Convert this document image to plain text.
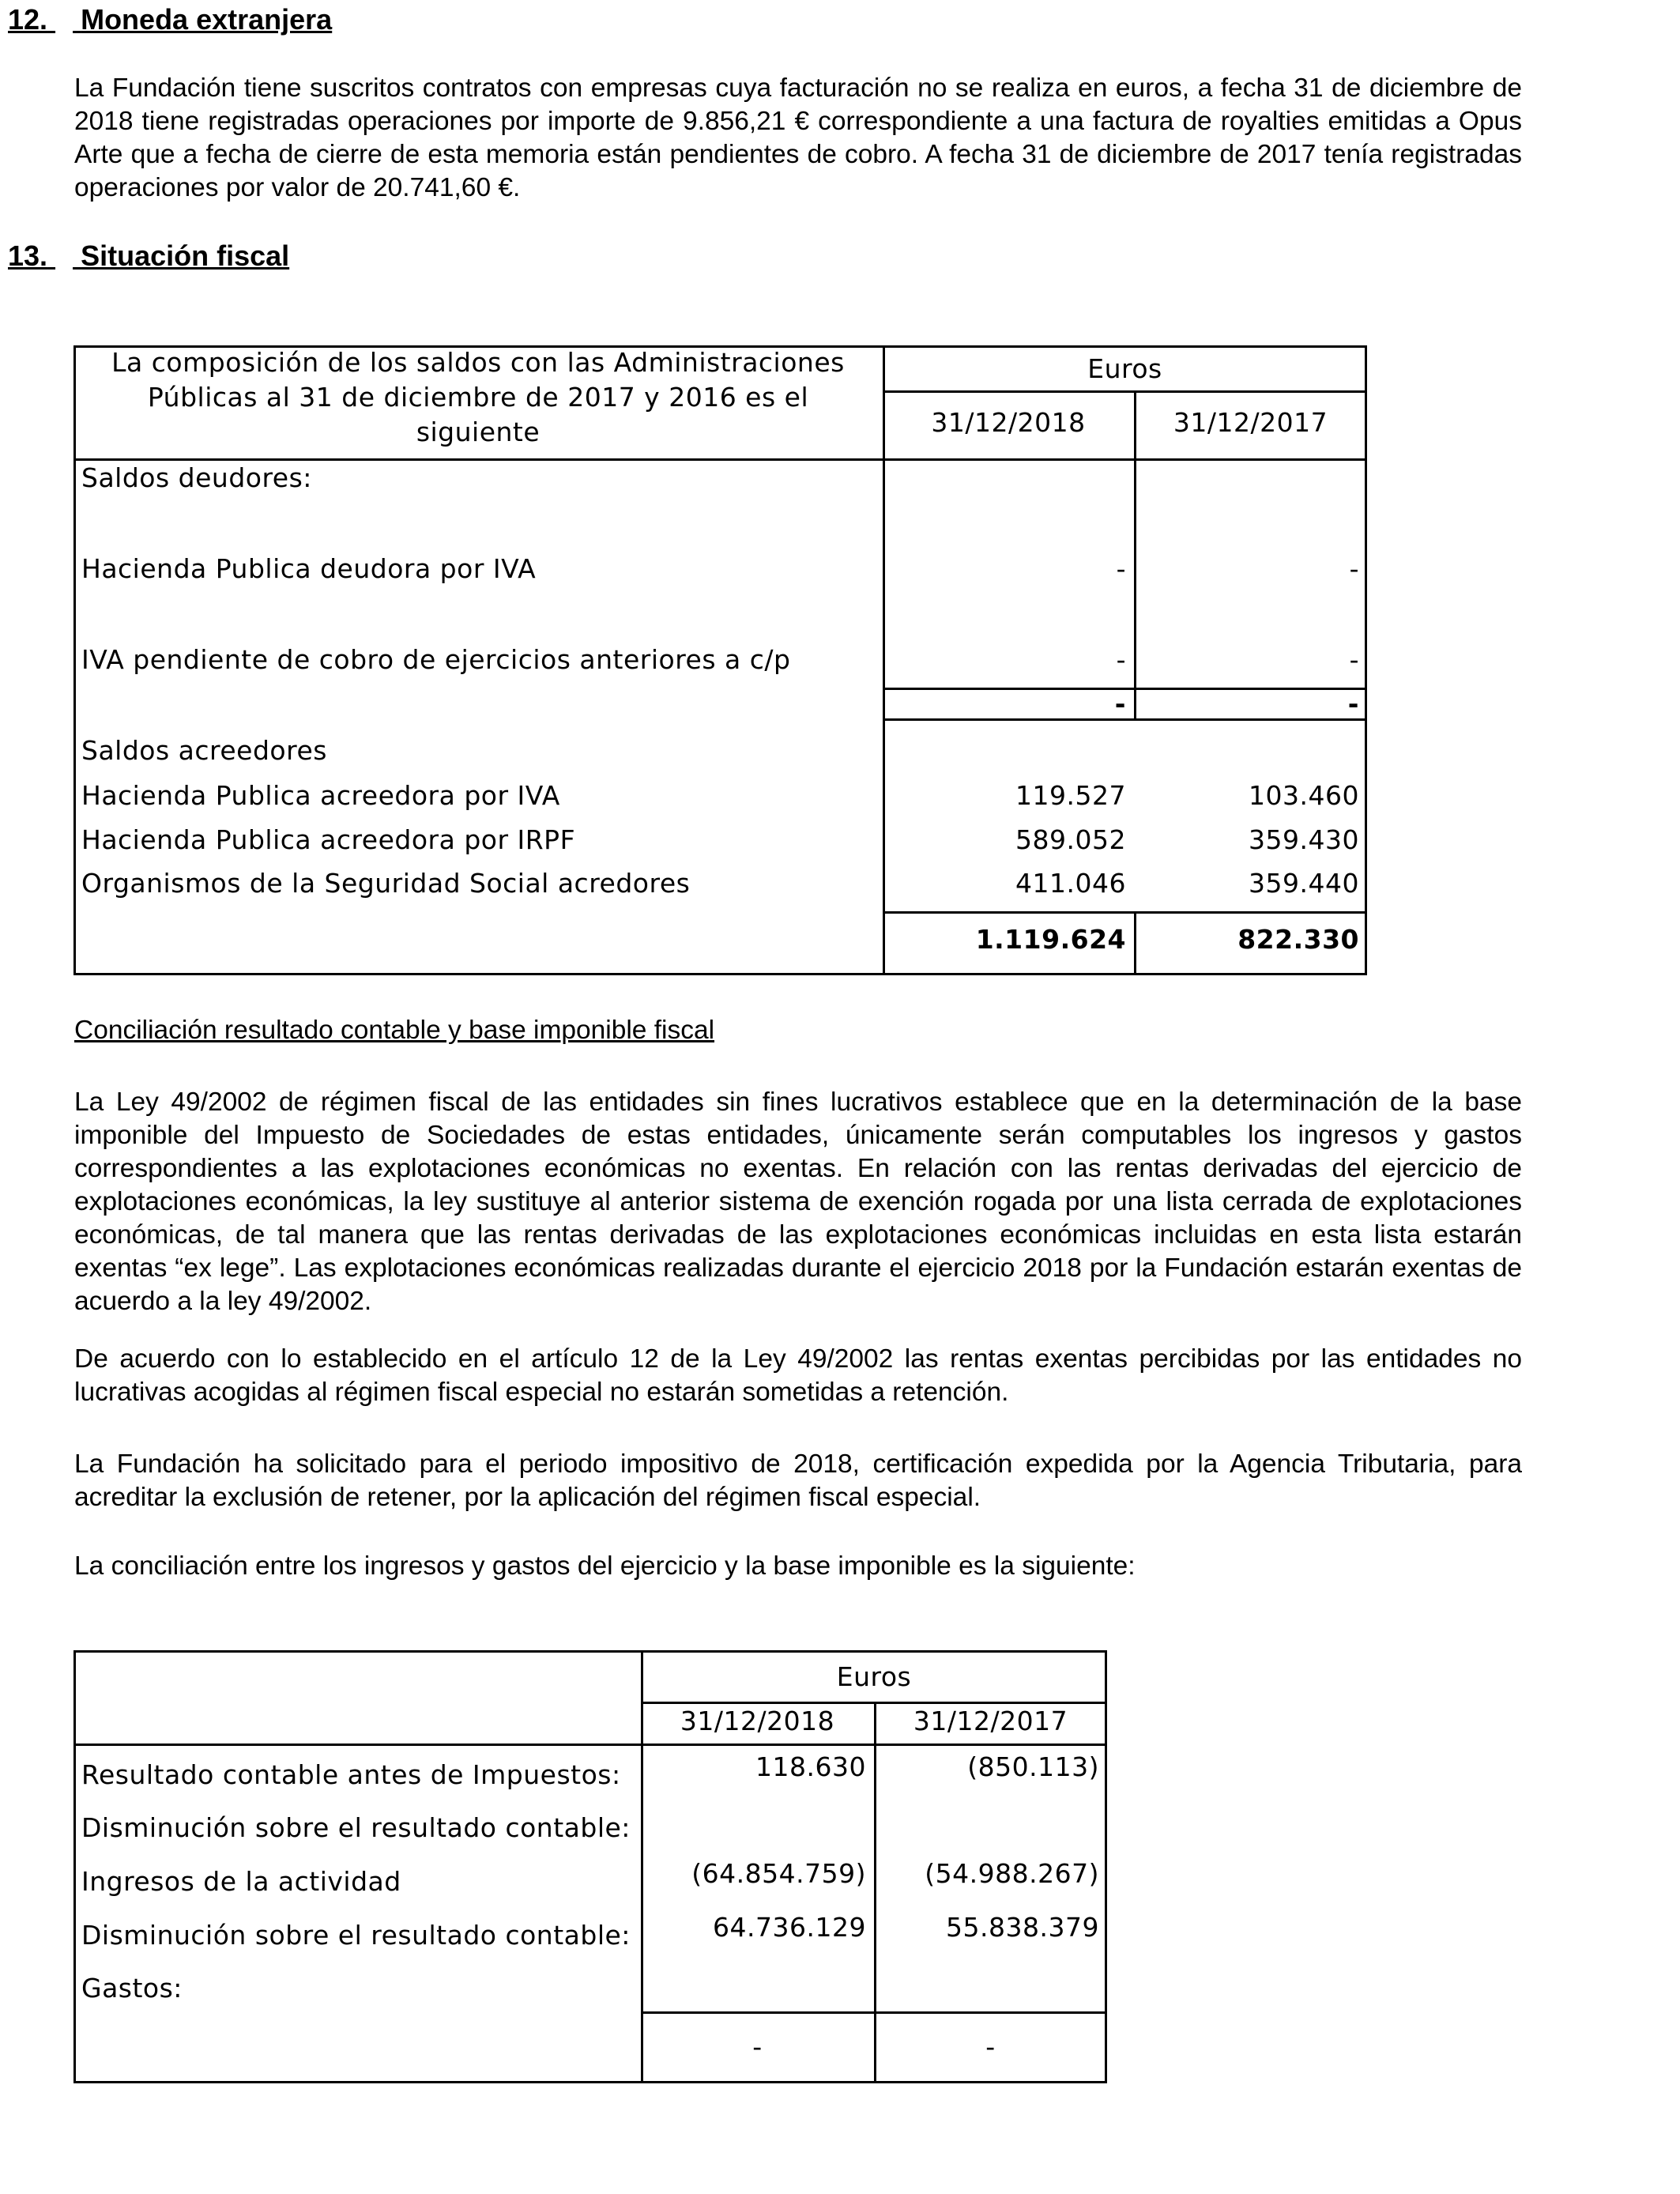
12. Moneda extranjera
La Fundación tiene suscritos contratos con empresas cuya facturación no se realiza en euros, a fecha 31 de diciembre de 2018 tiene registradas operaciones por importe de 9.856,21 € correspondiente a una factura de royalties emitidas a Opus Arte que a fecha de cierre de esta memoria están pendientes de cobro. A fecha 31 de diciembre de 2017 tenía registradas operaciones por valor de 20.741,60 €.
13. Situación fiscal
La composición de los saldos con las Administraciones
Públicas al 31 de diciembre de 2017 y 2016 es el
siguiente
Euros
31/12/2018	31/12/2017
Saldos deudores:
Hacienda Publica deudora por IVA	-	-
IVA pendiente de cobro de ejercicios anteriores a c/p	-	-
-	-
Saldos acreedores
Hacienda Publica acreedora por IVA	119.527	103.460
Hacienda Publica acreedora por IRPF	589.052	359.430
Organismos de la Seguridad Social acredores	411.046	359.440
1.119.624	822.330
Conciliación resultado contable y base imponible fiscal
La Ley 49/2002 de régimen fiscal de las entidades sin fines lucrativos establece que en la determinación de la base imponible del Impuesto de Sociedades de estas entidades, únicamente serán computables los ingresos y gastos correspondientes a las explotaciones económicas no exentas. En relación con las rentas derivadas del ejercicio de explotaciones económicas, la ley sustituye al anterior sistema de exención rogada por una lista cerrada de explotaciones económicas, de tal manera que las rentas derivadas de las explotaciones económicas incluidas en esta lista estarán exentas “ex lege”. Las explotaciones económicas realizadas durante el ejercicio 2018 por la Fundación estarán exentas de acuerdo a la ley 49/2002.
De acuerdo con lo establecido en el artículo 12 de la Ley 49/2002 las rentas exentas percibidas por las entidades no lucrativas acogidas al régimen fiscal especial no estarán sometidas a retención.
La Fundación ha solicitado para el periodo impositivo de 2018, certificación expedida por la Agencia Tributaria, para acreditar la exclusión de retener, por la aplicación del régimen fiscal especial.
La conciliación entre los ingresos y gastos del ejercicio y la base imponible es la siguiente:
Euros
31/12/2018	31/12/2017
Resultado contable antes de Impuestos:	118.630	(850.113)
Disminución sobre el resultado contable:
Ingresos de la actividad	(64.854.759)	(54.988.267)
Disminución sobre el resultado contable:	64.736.129	55.838.379
Gastos:
-	-
